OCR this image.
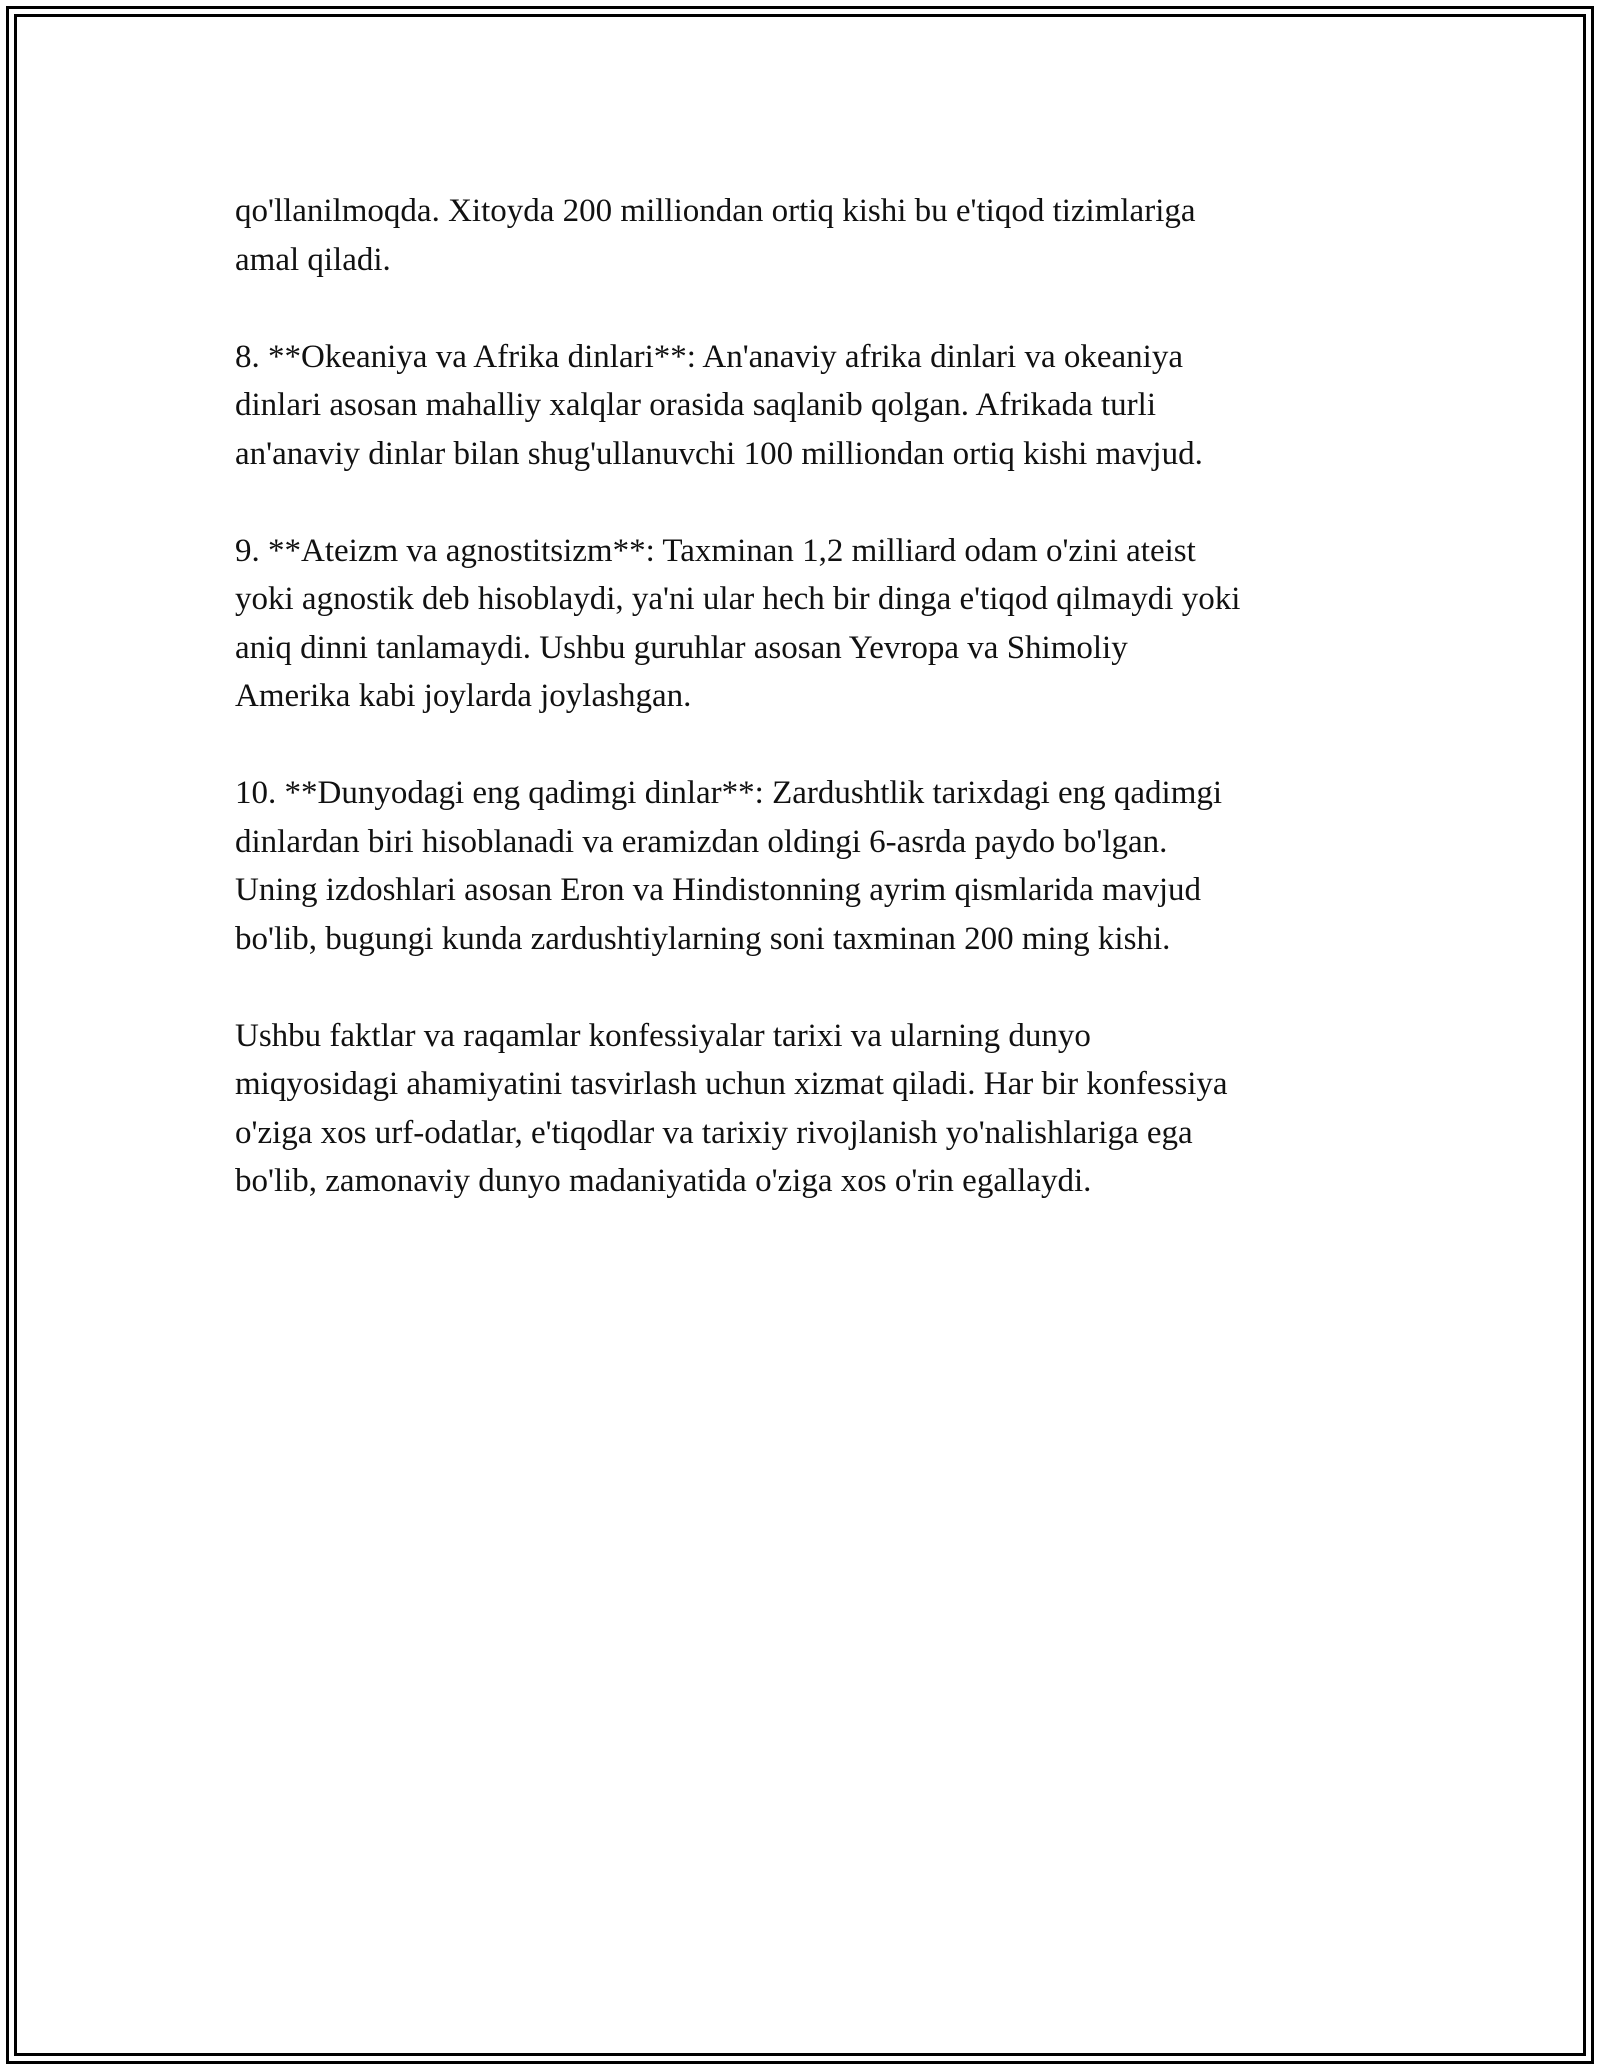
qo'llanilmoqda. Xitoyda 200 milliondan ortiq kishi bu e'tiqod tizimlariga
amal qiladi.

8. **Okeaniya va Afrika dinlari**: An'anaviy afrika dinlari va okeaniya
dinlari asosan mahalliy xalqlar orasida saqlanib qolgan. Afrikada turli
an'anaviy dinlar bilan shug'ullanuvchi 100 milliondan ortiq kishi mavjud.

9. **Ateizm va agnostitsizm**: Taxminan 1,2 milliard odam o'zini ateist
yoki agnostik deb hisoblaydi, ya'ni ular hech bir dinga e'tiqod qilmaydi yoki
aniq dinni tanlamaydi. Ushbu guruhlar asosan Yevropa va Shimoliy
Amerika kabi joylarda joylashgan.

10. **Dunyodagi eng qadimgi dinlar**: Zardushtlik tarixdagi eng qadimgi
dinlardan biri hisoblanadi va eramizdan oldingi 6-asrda paydo bo'lgan.
Uning izdoshlari asosan Eron va Hindistonning ayrim qismlarida mavjud
bo'lib, bugungi kunda zardushtiylarning soni taxminan 200 ming kishi.

Ushbu faktlar va raqamlar konfessiyalar tarixi va ularning dunyo
miqyosidagi ahamiyatini tasvirlash uchun xizmat qiladi. Har bir konfessiya
o'ziga xos urf-odatlar, e'tiqodlar va tarixiy rivojlanish yo'nalishlariga ega
bo'lib, zamonaviy dunyo madaniyatida o'ziga xos o'rin egallaydi.
